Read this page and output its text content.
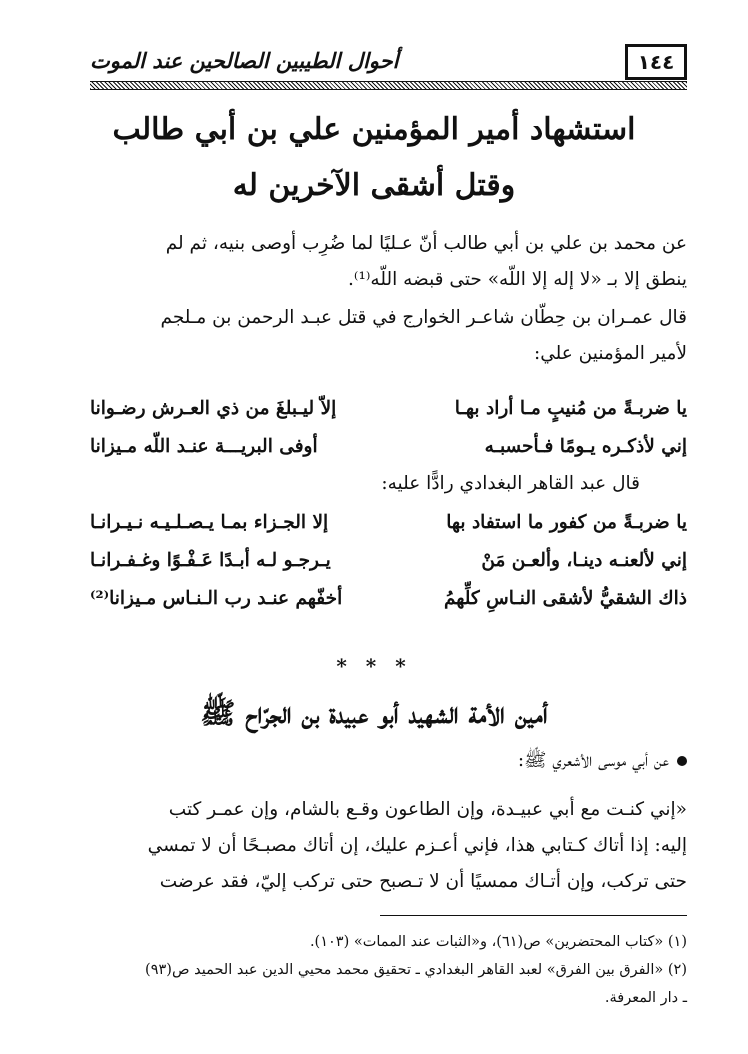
١٤٤
أحوال الطيبين الصالحين عند الموت
استشهاد أمير المؤمنين علي بن أبي طالب
وقتل أشقى الآخرين له
عن محمد بن علي بن أبي طالب أنّ عـليًا لما ضُرِب أوصى بنيه، ثم لم
ينطق إلا بـ «لا إله إلا اللّه» حتى قبضه اللّه⁽¹⁾.
قال عمـران بن حِطّان شاعـر الخوارج في قتل عبـد الرحمن بن مـلجم
لأمير المؤمنين علي:
يا ضربـةً من مُنيبٍ مـا أراد بهـا
إلاّ ليـبلغَ من ذي العـرش رضـوانا
إني لأذكـره يـومًا فـأحسبـه
أوفى البريـــة عنـد اللّه مـيزانا
قال عبد القاهر البغدادي رادًّا عليه:
يا ضربـةً من كفور ما استفاد بها
إلا الجـزاء بمـا يـصـلـيـه نـيـرانـا
إني لألعنـه دينـا، وألعـن مَنْ
يـرجـو لـه أبـدًا عَـفْـوًا وغـفـرانـا
ذاك الشقيُّ لأشقى النـاسِ كلِّهمُ
أخفّهم عنـد رب الـنـاس مـيزانا⁽²⁾
* * *
أمين الأمة الشهيد أبو عبيدة بن الجرّاح ﷺ
عن أبي موسى الأشعري ﷺ:
«إني كنـت مع أبي عبيـدة، وإن الطاعون وقـع بالشام، وإن عمـر كتب
إليه: إذا أتاك كـتابي هذا، فإني أعـزم عليك، إن أتاك مصبـحًا أن لا تمسي
حتى تركب، وإن أتـاك ممسيًا أن لا تـصبح حتى تركب إليّ، فقد عرضت
(١) «كتاب المحتضرين» ص(٦١)، و«الثبات عند الممات» (١٠٣).
(٢) «الفرق بين الفرق» لعبد القاهر البغدادي ـ تحقيق محمد محيي الدين عبد الحميد ص(٩٣)
ـ دار المعرفة.
